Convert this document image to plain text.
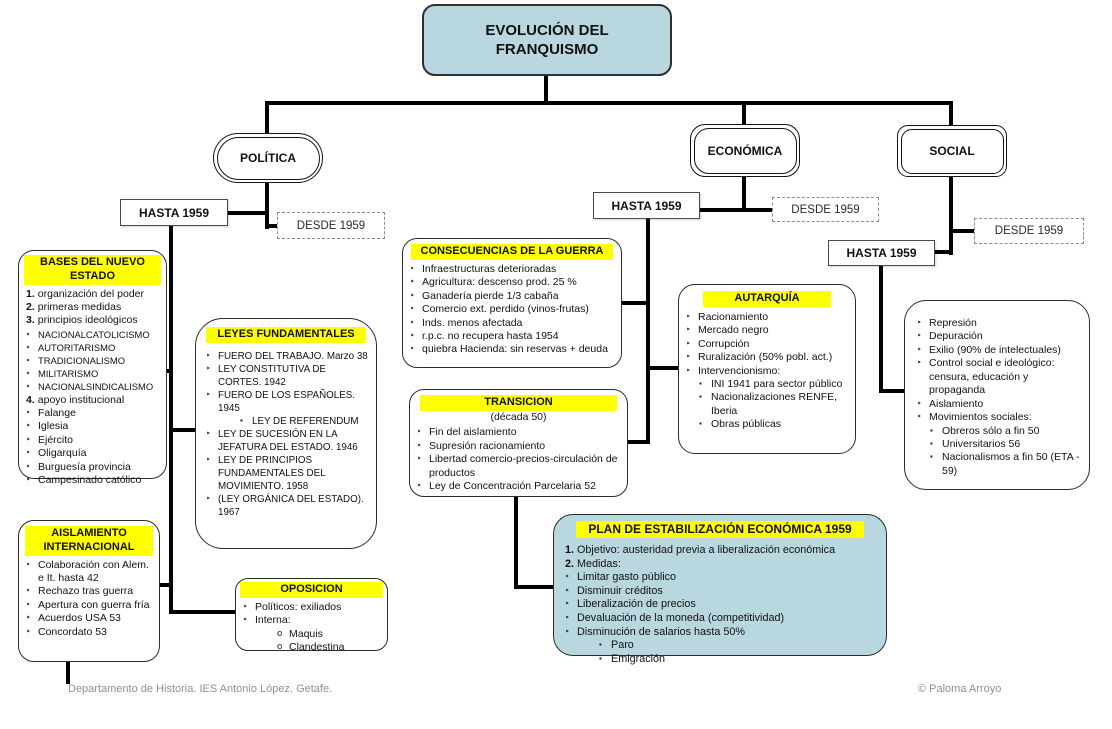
EVOLUCIÓN DEL FRANQUISMO
POLÍTICA
ECONÓMICA	SOCIAL
HASTA 1959
DESDE 1959
HASTA 1959	DESDE 1959
HASTA 1959
DESDE 1959
BASES DEL NUEVO ESTADO
1. organización del poder
2. primeras medidas
3. principios ideológicos
‣ NACIONALCATOLICISMO
‣ AUTORITARISMO
‣ TRADICIONALISMO
‣ MILITARISMO
‣ NACIONALSINDICALISMO
4. apoyo institucional
‣ Falange
‣ Iglesia
‣ Ejército
‣ Oligarquía
‣ Burguesía provincia
‣ Campesinado católico
LEYES FUNDAMENTALES
‣ FUERO DEL TRABAJO. Marzo 38
‣ LEY CONSTITUTIVA DE CORTES. 1942
‣ FUERO DE LOS ESPAÑOLES. 1945
▪ LEY DE REFERENDUM
‣ LEY DE SUCESIÓN EN LA JEFATURA DEL ESTADO. 1946
‣ LEY DE PRINCIPIOS FUNDAMENTALES DEL MOVIMIENTO. 1958
‣ (LEY ORGÁNICA DEL ESTADO). 1967
AISLAMIENTO INTERNACIONAL
‣ Colaboración con Alem. e It. hasta 42
‣ Rechazo tras guerra
‣ Apertura con guerra fría
‣ Acuerdos USA 53
‣ Concordato 53
OPOSICION
‣ Políticos: exiliados
‣ Interna:
o Maquis
o Clandestina
CONSECUENCIAS DE LA GUERRA
‣ Infraestructuras deterioradas
‣ Agricultura: descenso prod. 25 %
‣ Ganadería pierde 1/3 cabaña
‣ Comercio ext. perdido (vinos-frutas)
‣ Inds. menos afectada
‣ r.p.c. no recupera hasta 1954
‣ quiebra Hacienda: sin reservas + deuda
TRANSICION
(década 50)
‣ Fin del aislamiento
‣ Supresión racionamiento
‣ Libertad comercio-precios-circulación de productos
‣ Ley de Concentración Parcelaria 52
AUTARQUÍA
‣ Racionamiento
‣ Mercado negro
‣ Corrupción
‣ Ruralización (50% pobl. act.)
‣ Intervencionismo:
▪ INI 1941 para sector público
▪ Nacionalizaciones RENFE, Iberia
▪ Obras públicas
PLAN DE ESTABILIZACIÓN ECONÓMICA 1959
1. Objetivo: austeridad previa a liberalización económica
2. Medidas:
‣ Limitar gasto público
‣ Disminuir créditos
‣ Liberalización de precios
‣ Devaluación de la moneda (competitividad)
‣ Disminución de salarios hasta 50%
▪ Paro
▪ Emigración
‣ Represión
‣ Depuración
‣ Exilio (90% de intelectuales)
‣ Control social e ideológico: censura, educación y propaganda
‣ Aislamiento
‣ Movimientos sociales:
▪ Obreros sólo a fin 50
▪ Universitarios 56
▪ Nacionalismos a fin 50 (ETA - 59)
Departamento de Historia. IES Antonio López. Getafe.	© Paloma Arroyo
